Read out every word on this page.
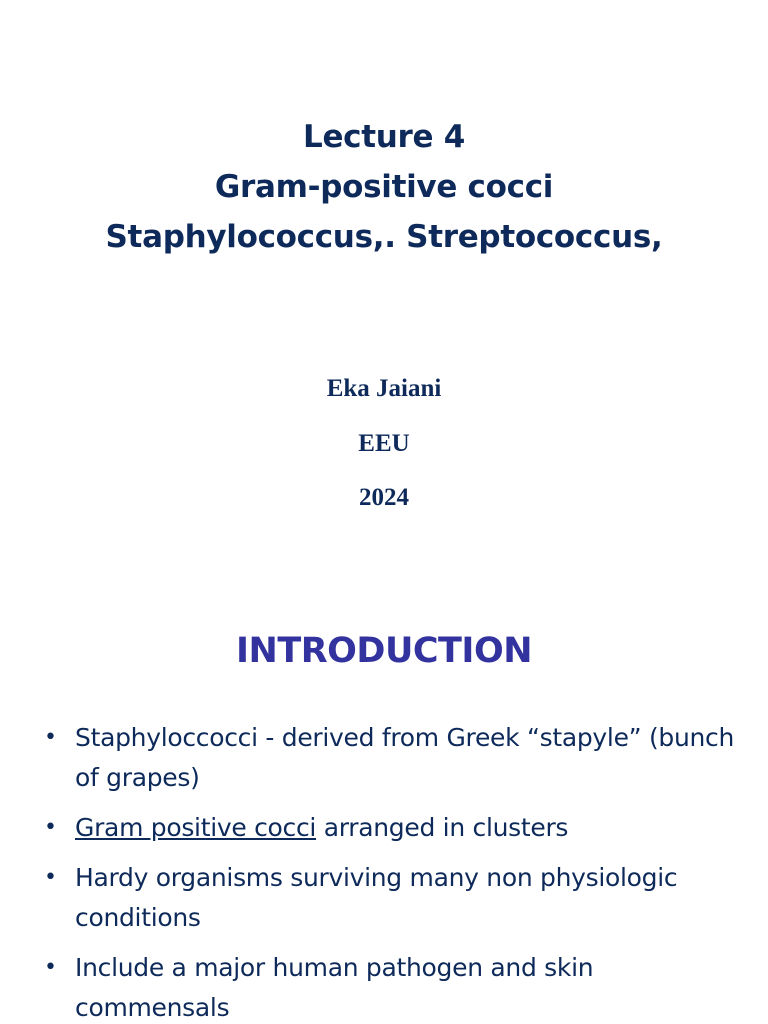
Lecture 4
Gram-positive cocci
Staphylococcus,. Streptococcus,
Eka Jaiani
EEU
2024
INTRODUCTION
• Staphyloccocci - derived from Greek “stapyle” (bunch of grapes)
• Gram positive cocci arranged in clusters
• Hardy organisms surviving many non physiologic conditions
• Include a major human pathogen and skin commensals
